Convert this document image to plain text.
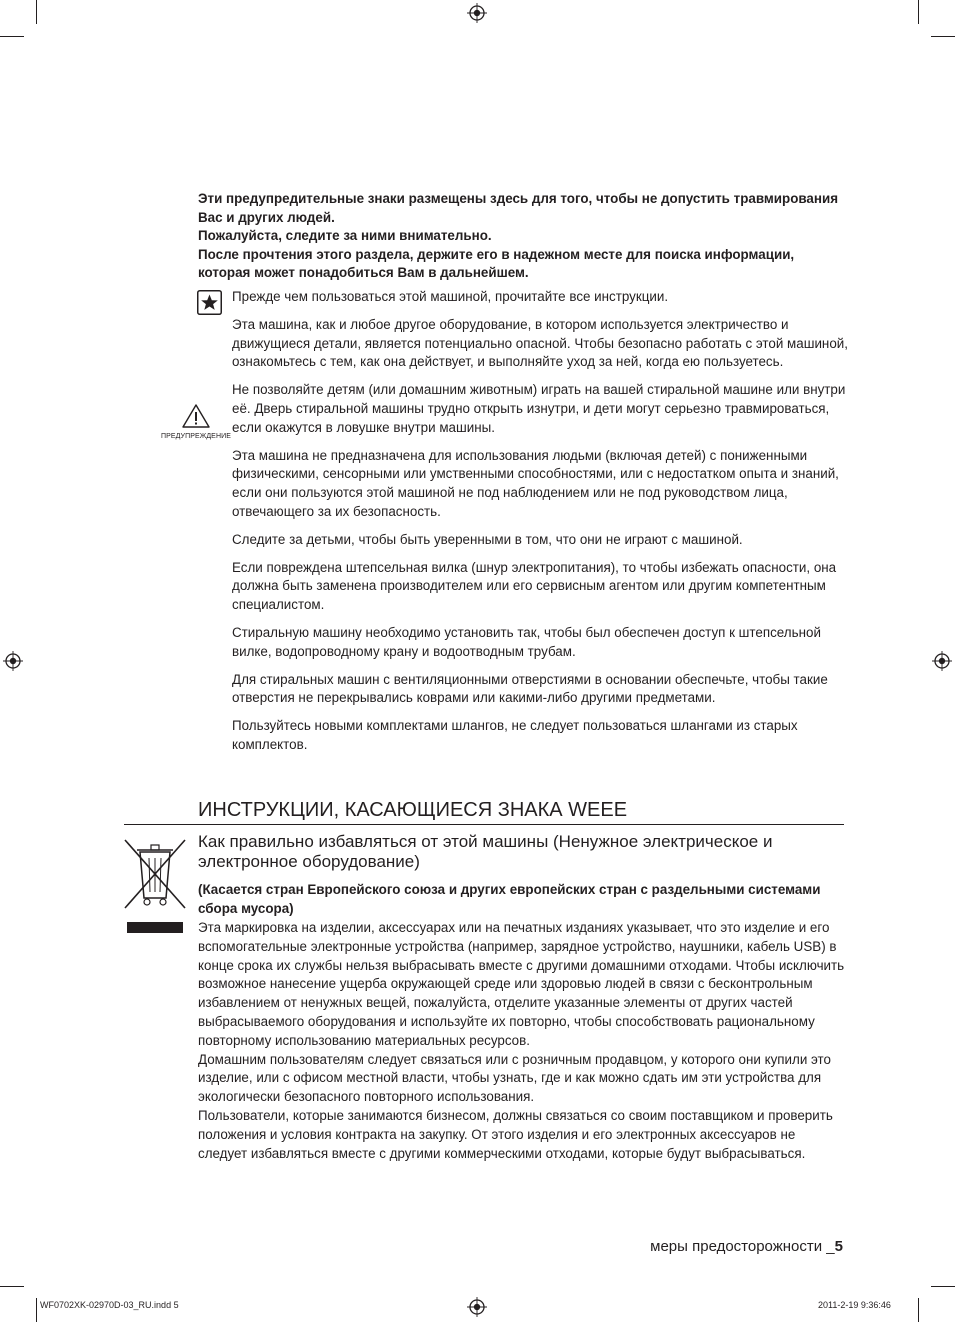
Эти предупредительные знаки размещены здесь для того, чтобы не допустить травмирования Вас и других людей.

Пожалуйста, следите за ними внимательно.

После прочтения этого раздела, держите его в надежном месте для поиска информации, которая может понадобиться Вам в дальнейшем.

ПРЕДУПРЕЖДЕНИЕ

Прежде чем пользоваться этой машиной, прочитайте все инструкции.

Эта машина, как и любое другое оборудование, в котором используется электричество и движущиеся детали, является потенциально опасной. Чтобы безопасно работать с этой машиной, ознакомьтесь с тем, как она действует, и выполняйте уход за ней, когда ею пользуетесь.

Не позволяйте детям (или домашним животным) играть на вашей стиральной машине или внутри её. Дверь стиральной машины трудно открыть изнутри, и дети могут серьезно травмироваться, если окажутся в ловушке внутри машины.

Эта машина не предназначена для использования людьми (включая детей) с пониженными физическими, сенсорными или умственными способностями, или с недостатком опыта и знаний, если они пользуются этой машиной не под наблюдением или не под руководством лица, отвечающего за их безопасность.

Следите за детьми, чтобы быть уверенными в том, что они не играют с машиной.

Если повреждена штепсельная вилка (шнур электропитания), то чтобы избежать опасности, она должна быть заменена производителем или его сервисным агентом или другим компетентным специалистом.

Стиральную машину необходимо установить так, чтобы был обеспечен доступ к штепсельной вилке, водопроводному крану и водоотводным трубам.

Для стиральных машин с вентиляционными отверстиями в основании обеспечьте, чтобы такие отверстия не перекрывались коврами или какими-либо другими предметами.

Пользуйтесь новыми комплектами шлангов, не следует пользоваться шлангами из старых комплектов.

ИНСТРУКЦИИ, КАСАЮЩИЕСЯ ЗНАКА WEEE
Как правильно избавляться от этой машины (Ненужное электрическое и электронное оборудование)
(Касается стран Европейского союза и других европейских стран с раздельными системами сбора мусора)

Эта маркировка на изделии, аксессуарах или на печатных изданиях указывает, что это изделие и его вспомогательные электронные устройства (например, зарядное устройство, наушники, кабель USB) в конце срока их службы нельзя выбрасывать вместе с другими домашними отходами. Чтобы исключить возможное нанесение ущерба окружающей среде или здоровью людей в связи с бесконтрольным избавлением от ненужных вещей, пожалуйста, отделите указанные элементы от других частей выбрасываемого оборудования и используйте их повторно, чтобы способствовать рациональному повторному использованию материальных ресурсов.

Домашним пользователям следует связаться или с розничным продавцом, у которого они купили это изделие, или с офисом местной власти, чтобы узнать, где и как можно сдать им эти устройства для экологически безопасного повторного использования.

Пользователи, которые занимаются бизнесом, должны связаться со своим поставщиком и проверить положения и условия контракта на закупку. От этого изделия и его электронных аксессуаров не следует избавляться вместе с другими коммерческими отходами, которые будут выбрасываться.

меры предосторожности _5
WF0702XK-02970D-03_RU.indd 5	2011-2-19 9:36:46
